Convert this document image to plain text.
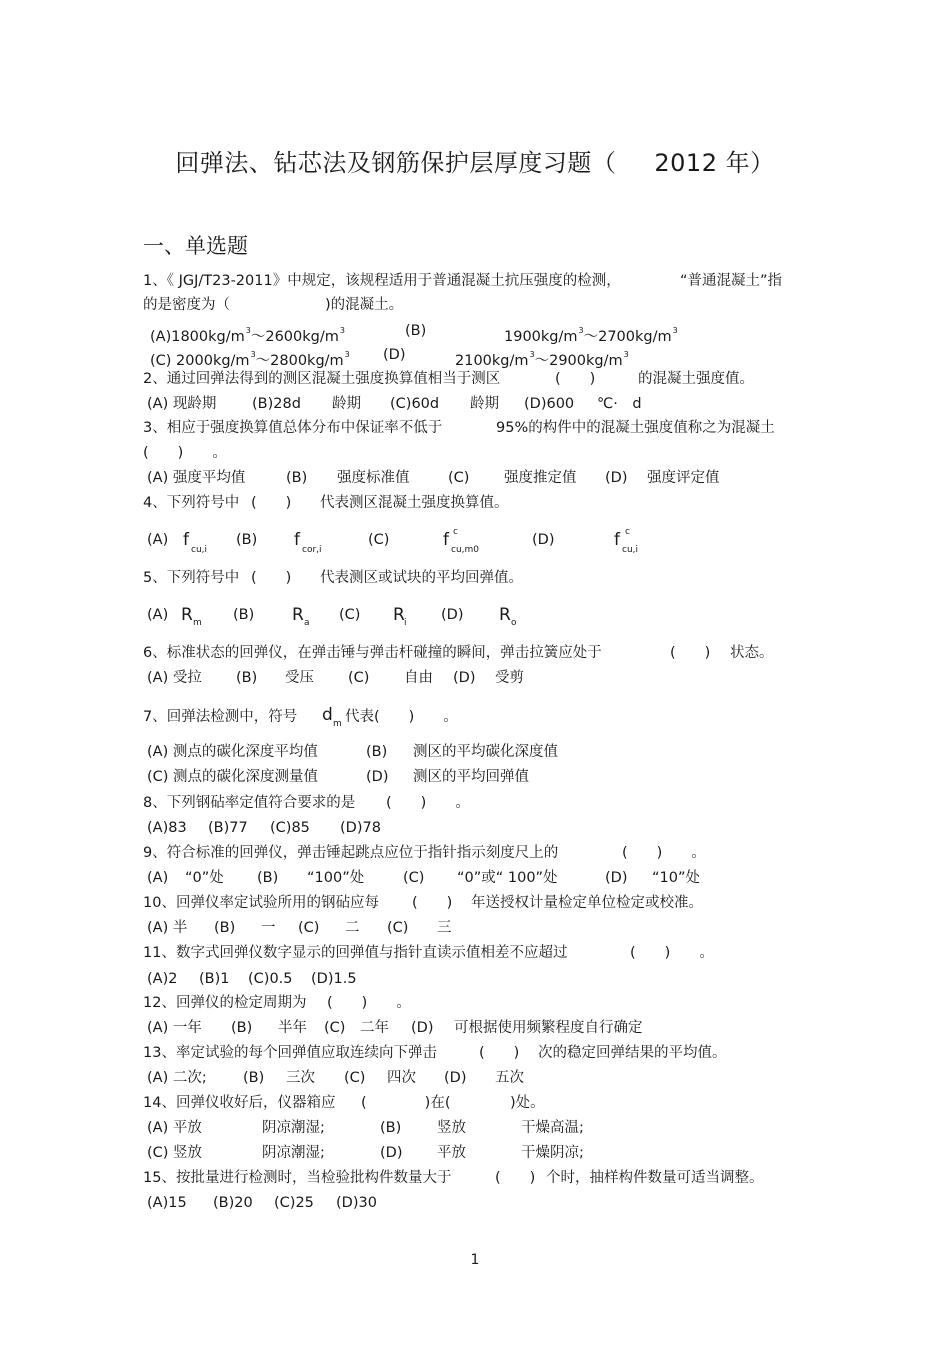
回弹法、钻芯法及钢筋保护层厚度习题（ 2012 年）
一、单选题
1、《 JGJ/T23-2011》中规定，该规程适用于普通混凝土抗压强度的检测，	“普通混凝土”指
的是密度为（	)的混凝土。
$(A)1800kg/m^3\sim 2600kg/m^3$	(B)	$1900kg/m^3\sim 2700kg/m^3$
(C) $2000kg/m^3\sim 2800kg/m^3$ (D)	$2100kg/m^3\sim 2900kg/m^3$
2、通过回弹法得到的测区混凝土强度换算值相当于测区	(　　)	的混凝土强度值。
(A) 现龄期 (B)28d 龄期 (C)60d 龄期 (D)600 ℃·　d
3、相应于强度换算值总体分布中保证率不低于	95%的构件中的混凝土强度值称之为混凝土
(　　)　　。
(A) 强度平均值	(B) 强度标准值	(C) 强度推定值 (D) 强度评定值
4、下列符号中 (　　) 代表测区混凝土强度换算值。
(A) f cu,i
(B) f cor,i
(C)	f c
cu,m0
(D)	f c
cu,i
5、下列符号中 (　　) 代表测区或试块的平均回弹值。
(A) R m (B) R a (C) R i (D) R o
6、标准状态的回弹仪，在弹击锤与弹击杆碰撞的瞬间，弹击拉簧应处于	(　　) 状态。
(A) 受拉 (B) 受压 (C) 自由 (D) 受剪
7、回弹法检测中，符号 d m 代表(　　)　　。
(A) 测点的碳化深度平均值	(B) 测区的平均碳化深度值
(C) 测点的碳化深度测量值	(D) 测区的平均回弹值
8、下列钢砧率定值符合要求的是 (　　)　　。
(A)83 (B)77 (C)85 (D)78
9、符合标准的回弹仪，弹击锤起跳点应位于指针指示刻度尺上的	(　　)　　。
(A) “0”处 (B) “100”处	(C) “0”或“ 100”处	(D) “10”处
10、回弹仪率定试验所用的钢砧应每 (　　) 年送授权计量检定单位检定或校准。
(A) 半 (B) 一 (C) 二 (C) 三
11、数字式回弹仪数字显示的回弹值与指针直读示值相差不应超过	(　　)　　。
(A)2 (B)1 (C)0.5 (D)1.5
12、回弹仪的检定周期为 (　　)　　。
(A) 一年 (B) 半年 (C) 二年 (D) 可根据使用频繁程度自行确定
13、率定试验的每个回弹值应取连续向下弹击	(　　) 次的稳定回弹结果的平均值。
(A) 二次;	(B) 三次 (C) 四次 (D) 五次
14、回弹仪收好后，仪器箱应 (　　　　)在(	)处。
(A) 平放	阴凉潮湿;	(B) 竖放	干燥高温;
(C) 竖放	阴凉潮湿;	(D) 平放	干燥阴凉;
15、按批量进行检测时，当检验批构件数量大于	(　　) 个时，抽样构件数量可适当调整。
(A)15 (B)20 (C)25 (D)30
1
